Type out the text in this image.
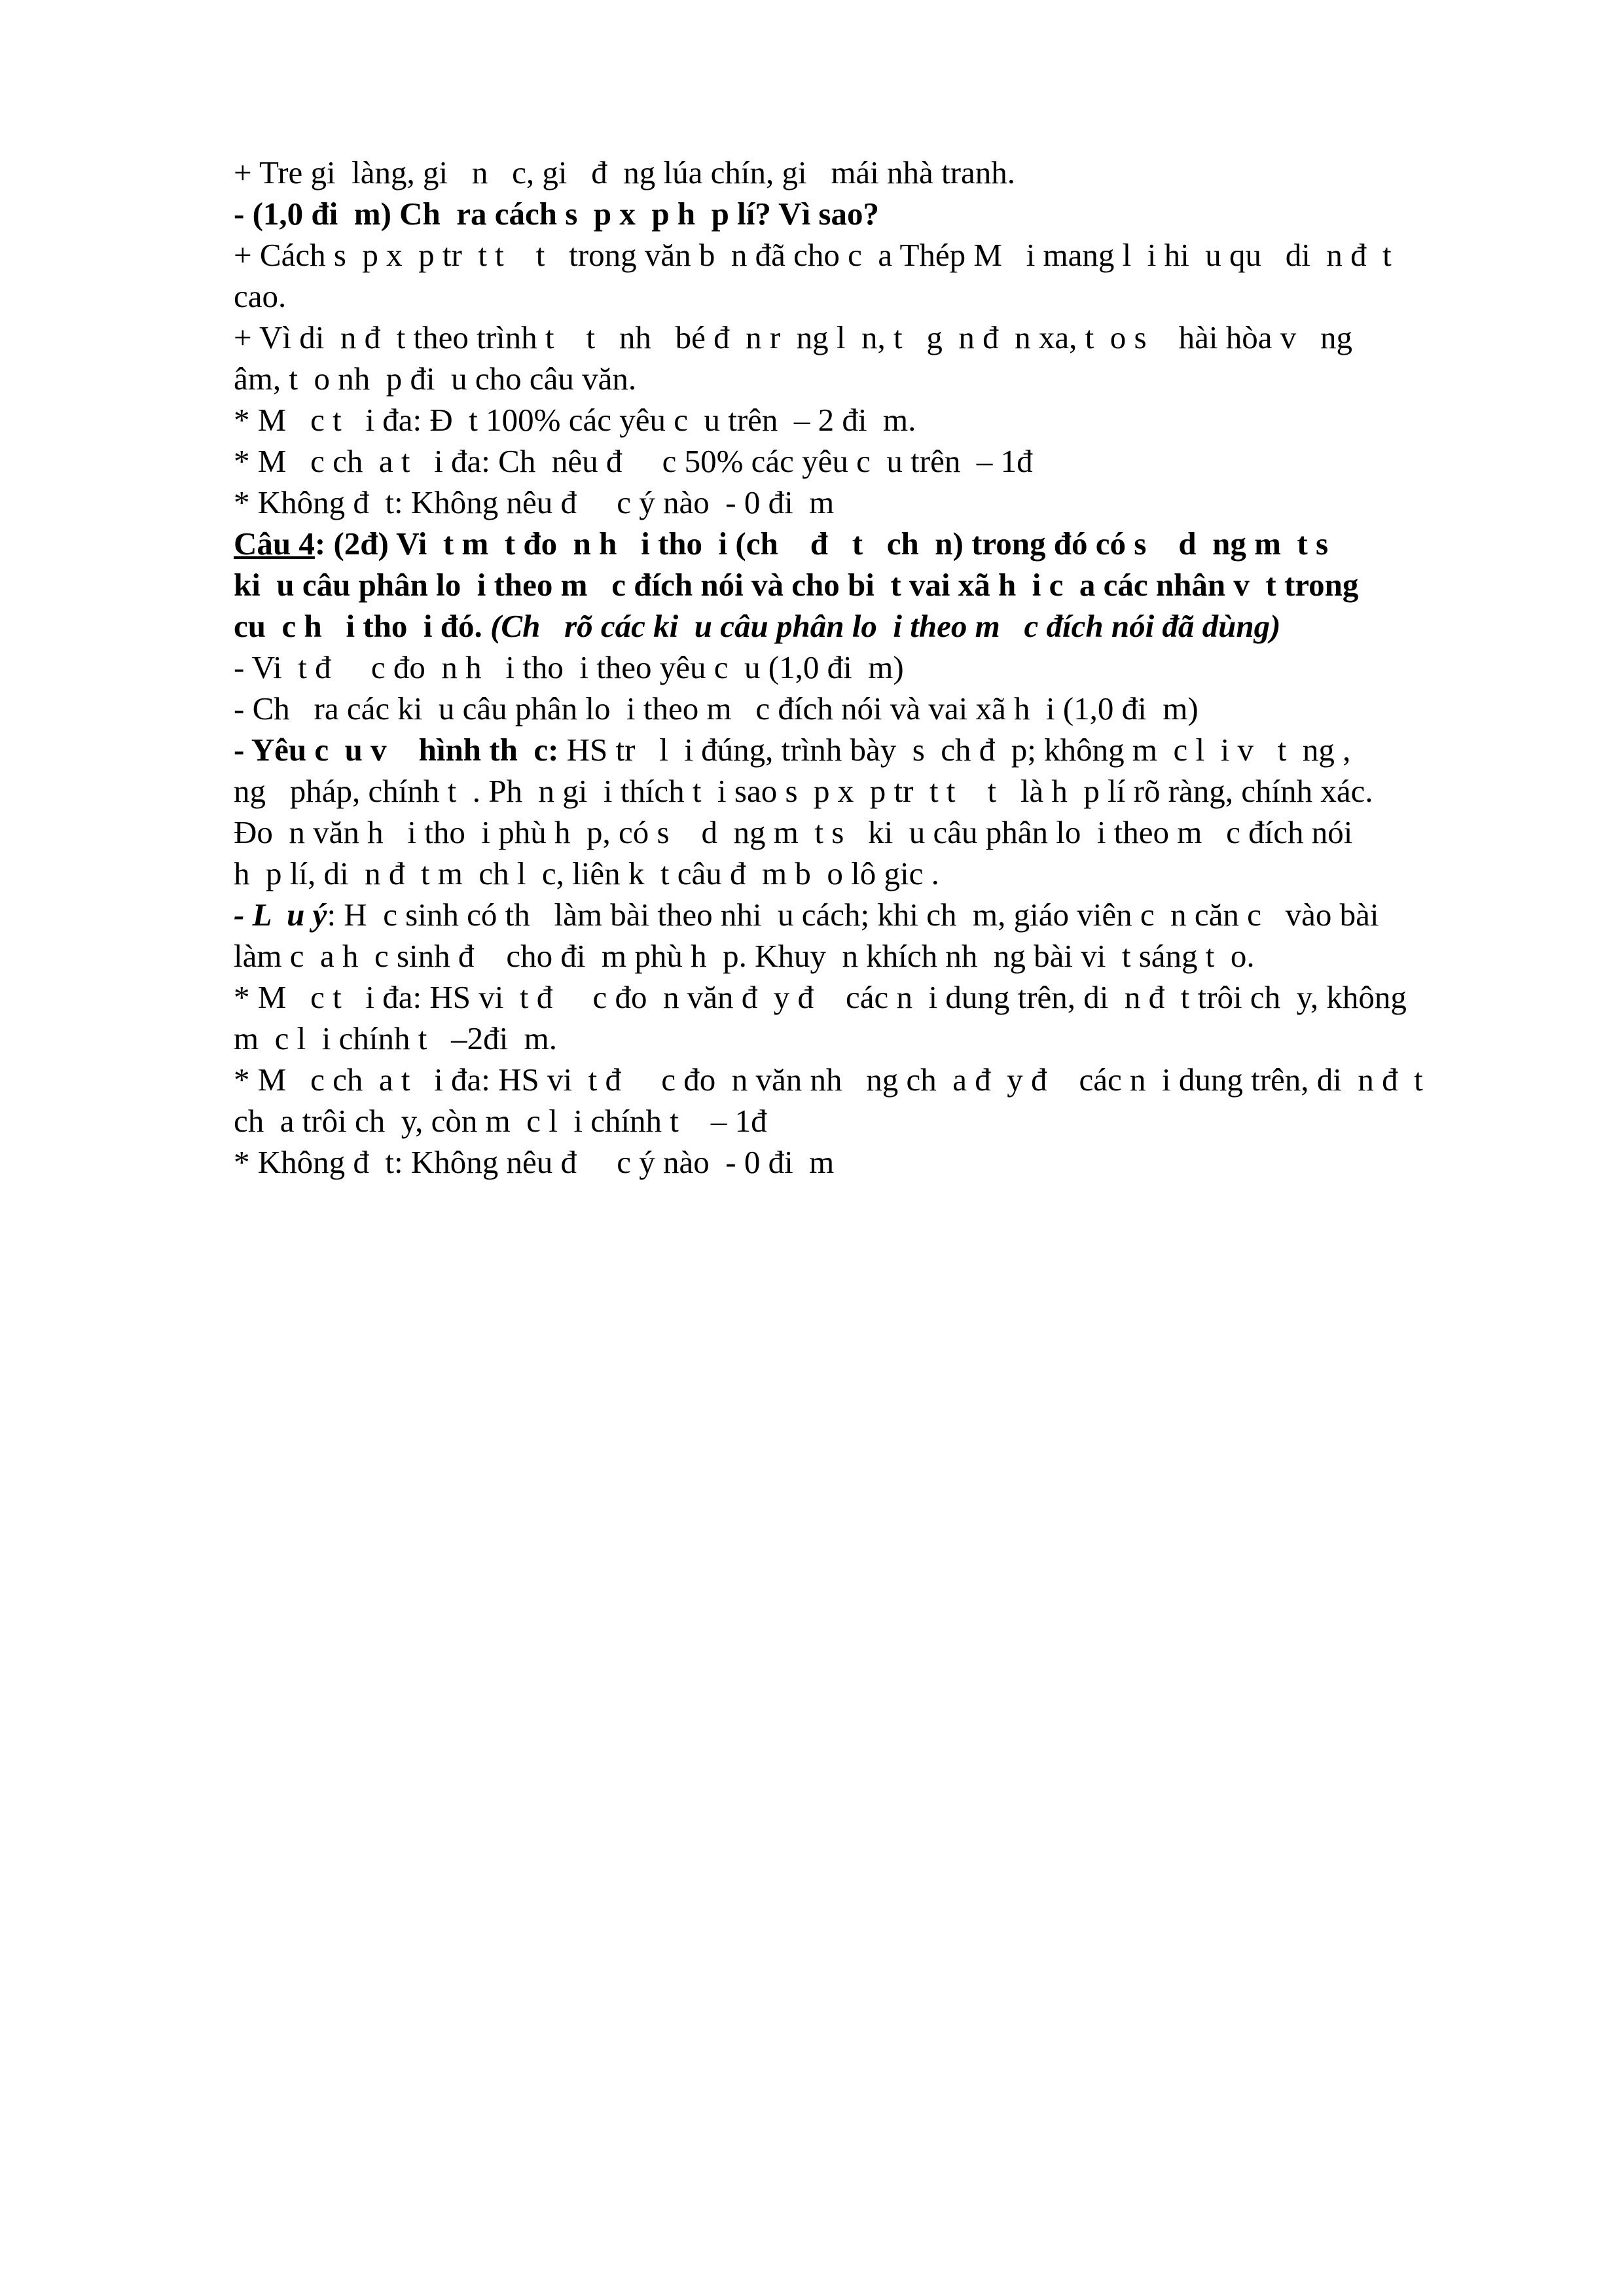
+ Tre gi  làng, gi   n   c, gi   đ  ng lúa chín, gi   mái nhà tranh.
- (1,0 đi  m) Ch  ra cách s  p x  p h  p lí? Vì sao?
+ Cách s  p x  p tr  t t    t   trong văn b  n đã cho c  a Thép M   i mang l  i hi  u qu   di  n đ  t
cao.
+ Vì di  n đ  t theo trình t    t   nh   bé đ  n r  ng l  n, t   g  n đ  n xa, t  o s    hài hòa v   ng
âm, t  o nh  p đi  u cho câu văn.
* M   c t   i đa: Đ  t 100% các yêu c  u trên  – 2 đi  m.
* M   c ch  a t   i đa: Ch  nêu đ     c 50% các yêu c  u trên  – 1đ
* Không đ  t: Không nêu đ     c ý nào  - 0 đi  m
Câu 4: (2đ) Vi  t m  t đo  n h   i tho  i (ch    đ   t   ch  n) trong đó có s    d  ng m  t s
ki  u câu phân lo  i theo m   c đích nói và cho bi  t vai xã h  i c  a các nhân v  t trong
cu  c h   i tho  i đó. (Ch   rõ các ki  u câu phân lo  i theo m   c đích nói đã dùng)
- Vi  t đ     c đo  n h   i tho  i theo yêu c  u (1,0 đi  m)
- Ch   ra các ki  u câu phân lo  i theo m   c đích nói và vai xã h  i (1,0 đi  m)
- Yêu c  u v    hình th  c: HS tr   l  i đúng, trình bày  s  ch đ  p; không m  c l  i v   t  ng ,
ng   pháp, chính t  . Ph  n gi  i thích t  i sao s  p x  p tr  t t    t   là h  p lí rõ ràng, chính xác.
Đo  n văn h   i tho  i phù h  p, có s    d  ng m  t s   ki  u câu phân lo  i theo m   c đích nói
h  p lí, di  n đ  t m  ch l  c, liên k  t câu đ  m b  o lô gic .
- L  u ý: H  c sinh có th   làm bài theo nhi  u cách; khi ch  m, giáo viên c  n căn c   vào bài
làm c  a h  c sinh đ    cho đi  m phù h  p. Khuy  n khích nh  ng bài vi  t sáng t  o.
* M   c t   i đa: HS vi  t đ     c đo  n văn đ  y đ    các n  i dung trên, di  n đ  t trôi ch  y, không
m  c l  i chính t   –2đi  m.
* M   c ch  a t   i đa: HS vi  t đ     c đo  n văn nh   ng ch  a đ  y đ    các n  i dung trên, di  n đ  t
ch  a trôi ch  y, còn m  c l  i chính t    – 1đ
* Không đ  t: Không nêu đ     c ý nào  - 0 đi  m
